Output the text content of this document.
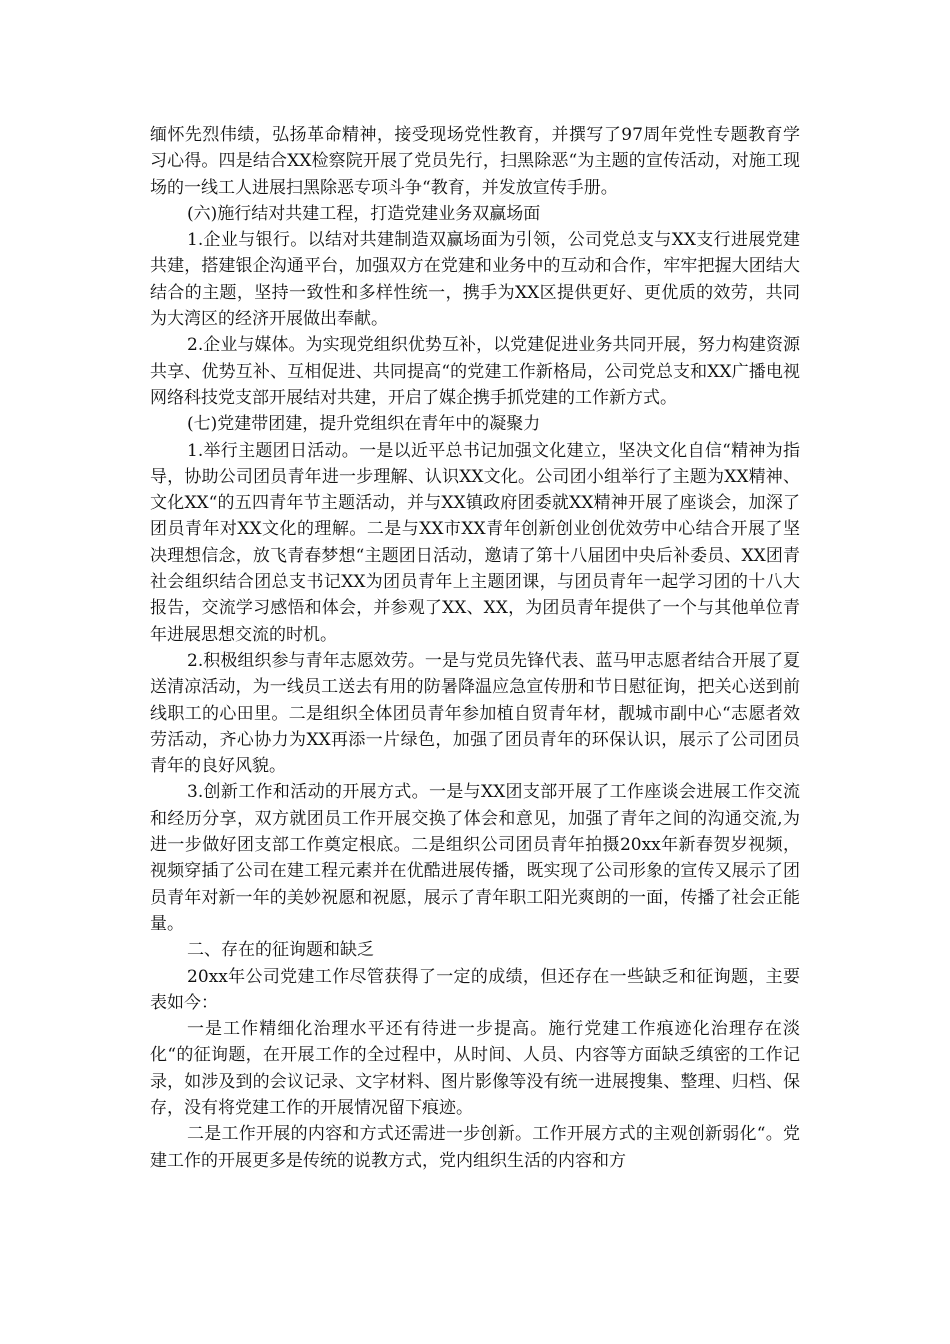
缅怀先烈伟绩，弘扬革命精神，接受现场党性教育，并撰写了97周年党性专题教育学习心得。四是结合XX检察院开展了党员先行，扫黑除恶“为主题的宣传活动，对施工现场的一线工人进展扫黑除恶专项斗争“教育，并发放宣传手册。

(六)施行结对共建工程，打造党建业务双赢场面

1.企业与银行。以结对共建制造双赢场面为引领，公司党总支与XX支行进展党建共建，搭建银企沟通平台，加强双方在党建和业务中的互动和合作，牢牢把握大团结大结合的主题，坚持一致性和多样性统一，携手为XX区提供更好、更优质的效劳，共同为大湾区的经济开展做出奉献。

2.企业与媒体。为实现党组织优势互补，以党建促进业务共同开展，努力构建资源共享、优势互补、互相促进、共同提高“的党建工作新格局，公司党总支和XX广播电视网络科技党支部开展结对共建，开启了媒企携手抓党建的工作新方式。

(七)党建带团建，提升党组织在青年中的凝聚力

1.举行主题团日活动。一是以近平总书记加强文化建立，坚决文化自信“精神为指导，协助公司团员青年进一步理解、认识XX文化。公司团小组举行了主题为XX精神、文化XX“的五四青年节主题活动，并与XX镇政府团委就XX精神开展了座谈会，加深了团员青年对XX文化的理解。二是与XX市XX青年创新创业创优效劳中心结合开展了坚决理想信念，放飞青春梦想“主题团日活动，邀请了第十八届团中央后补委员、XX团青社会组织结合团总支书记XX为团员青年上主题团课，与团员青年一起学习团的十八大报告，交流学习感悟和体会，并参观了XX、XX，为团员青年提供了一个与其他单位青年进展思想交流的时机。

2.积极组织参与青年志愿效劳。一是与党员先锋代表、蓝马甲志愿者结合开展了夏送清凉活动，为一线员工送去有用的防暑降温应急宣传册和节日慰征询，把关心送到前线职工的心田里。二是组织全体团员青年参加植自贸青年材，靓城市副中心“志愿者效劳活动，齐心协力为XX再添一片绿色，加强了团员青年的环保认识，展示了公司团员青年的良好风貌。

3.创新工作和活动的开展方式。一是与XX团支部开展了工作座谈会进展工作交流和经历分享，双方就团员工作开展交换了体会和意见，加强了青年之间的沟通交流,为进一步做好团支部工作奠定根底。二是组织公司团员青年拍摄20xx年新春贺岁视频，视频穿插了公司在建工程元素并在优酷进展传播，既实现了公司形象的宣传又展示了团员青年对新一年的美妙祝愿和祝愿，展示了青年职工阳光爽朗的一面，传播了社会正能量。

二、存在的征询题和缺乏

20xx年公司党建工作尽管获得了一定的成绩，但还存在一些缺乏和征询题，主要表如今：

一是工作精细化治理水平还有待进一步提高。施行党建工作痕迹化治理存在淡化“的征询题，在开展工作的全过程中，从时间、人员、内容等方面缺乏缜密的工作记录，如涉及到的会议记录、文字材料、图片影像等没有统一进展搜集、整理、归档、保存，没有将党建工作的开展情况留下痕迹。

二是工作开展的内容和方式还需进一步创新。工作开展方式的主观创新弱化“。党建工作的开展更多是传统的说教方式，党内组织生活的内容和方
